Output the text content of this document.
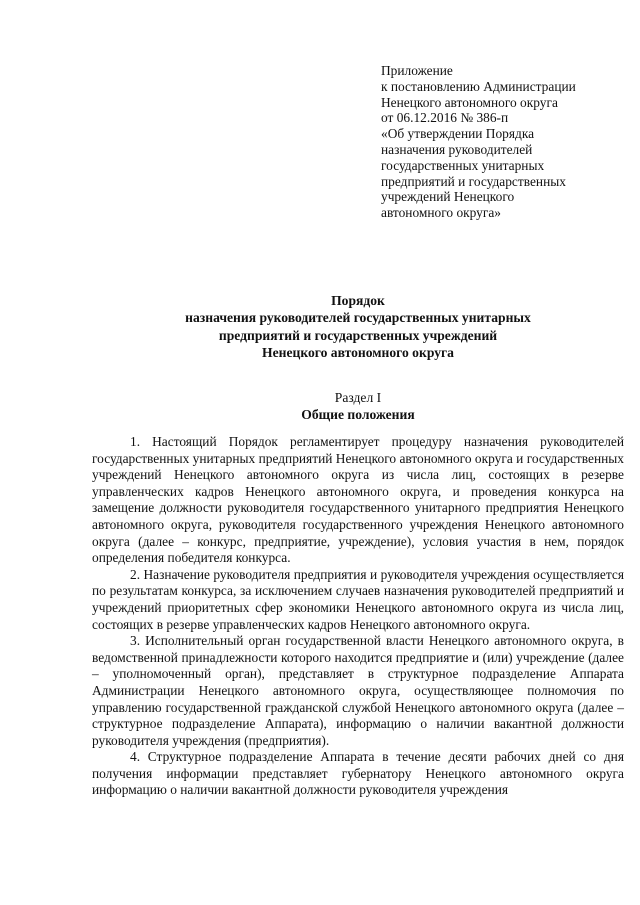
Приложение
к постановлению Администрации
Ненецкого автономного округа
от 06.12.2016 № 386-п
«Об утверждении Порядка
назначения руководителей
государственных унитарных
предприятий и государственных
учреждений Ненецкого
автономного округа»
Порядок
назначения руководителей государственных унитарных
предприятий и государственных учреждений
Ненецкого автономного округа
Раздел I
Общие положения

1. Настоящий Порядок регламентирует процедуру назначения руководителей государственных унитарных предприятий Ненецкого автономного округа и государственных учреждений Ненецкого автономного округа из числа лиц, состоящих в резерве управленческих кадров Ненецкого автономного округа, и проведения конкурса на замещение должности руководителя государственного унитарного предприятия Ненецкого автономного округа, руководителя государственного учреждения Ненецкого автономного округа (далее – конкурс, предприятие, учреждение), условия участия в нем, порядок определения победителя конкурса.

2. Назначение руководителя предприятия и руководителя учреждения осуществляется по результатам конкурса, за исключением случаев назначения руководителей предприятий и учреждений приоритетных сфер экономики Ненецкого автономного округа из числа лиц, состоящих в резерве управленческих кадров Ненецкого автономного округа.

3. Исполнительный орган государственной власти Ненецкого автономного округа, в ведомственной принадлежности которого находится предприятие и (или) учреждение (далее – уполномоченный орган), представляет в структурное подразделение Аппарата Администрации Ненецкого автономного округа, осуществляющее полномочия по управлению государственной гражданской службой Ненецкого автономного округа (далее – структурное подразделение Аппарата), информацию о наличии вакантной должности руководителя учреждения (предприятия).

4. Структурное подразделение Аппарата в течение десяти рабочих дней со дня получения информации представляет губернатору Ненецкого автономного округа информацию о наличии вакантной должности руководителя учреждения
